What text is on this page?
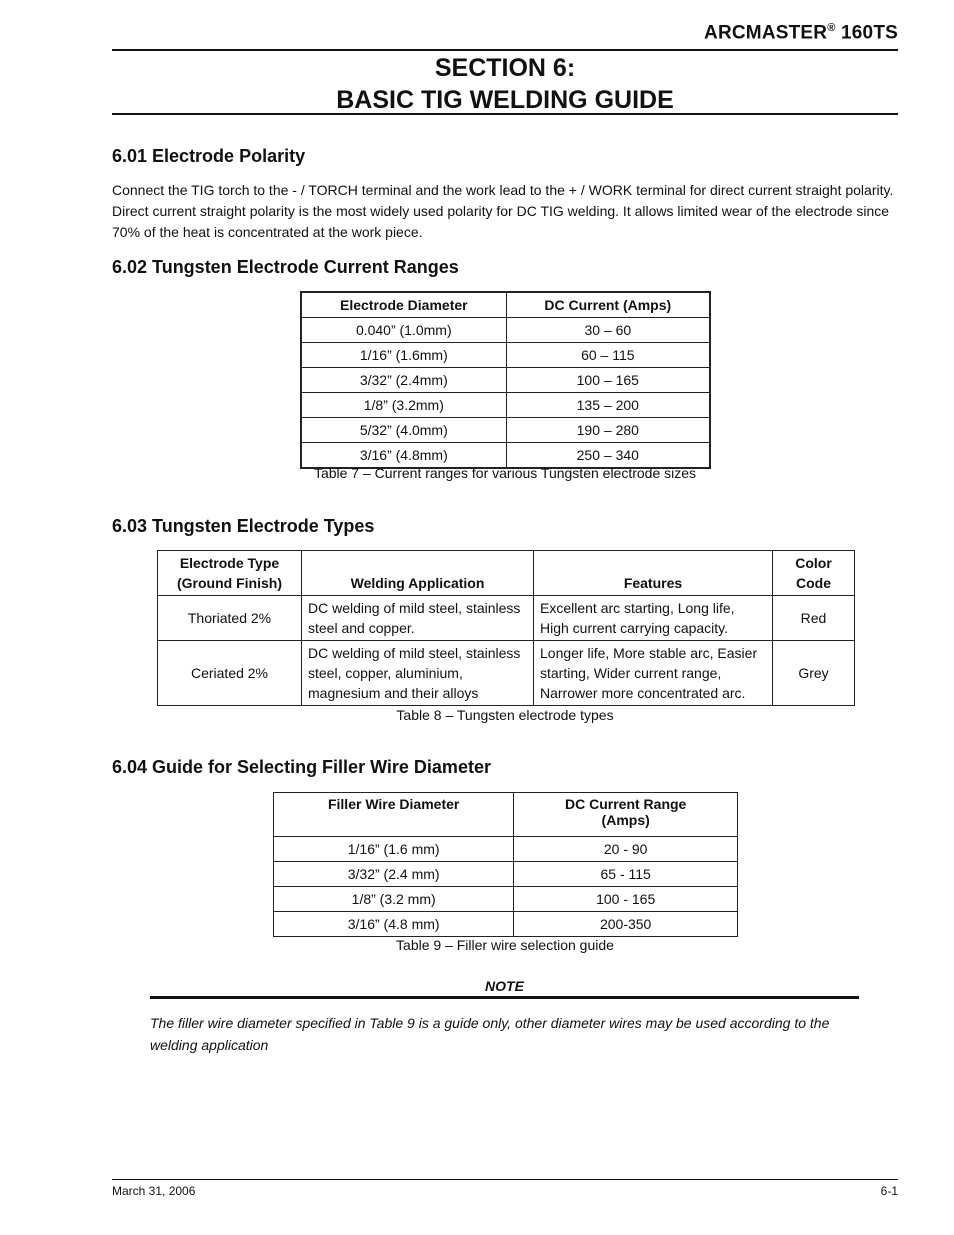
ARCMASTER® 160TS
SECTION 6:
BASIC TIG WELDING GUIDE
6.01 Electrode Polarity
Connect the TIG torch to the - / TORCH terminal and the work lead to the + / WORK terminal for direct current straight polarity. Direct current straight polarity is the most widely used polarity for DC TIG welding. It allows limited wear of the electrode since 70% of the heat is concentrated at the work piece.
6.02 Tungsten Electrode Current Ranges
Electrode Diameter	DC Current (Amps)
0.040” (1.0mm)	30 – 60
1/16” (1.6mm)	60 – 115
3/32” (2.4mm)	100 – 165
1/8” (3.2mm)	135 – 200
5/32” (4.0mm)	190 – 280
3/16” (4.8mm)	250 – 340
Table 7 – Current ranges for various Tungsten electrode sizes
6.03 Tungsten Electrode Types
Electrode Type
(Ground Finish)	Welding Application	Features	Color
Code
Thoriated 2%	DC welding of mild steel, stainless steel and copper.	Excellent arc starting, Long life, High current carrying capacity.	Red
Ceriated 2%	DC welding of mild steel, stainless steel, copper, aluminium, magnesium and their alloys	Longer life, More stable arc, Easier starting, Wider current range, Narrower more concentrated arc.	Grey
Table 8 – Tungsten electrode types
6.04 Guide for Selecting Filler Wire Diameter
Filler Wire Diameter	DC Current Range
(Amps)
1/16” (1.6 mm)	20 - 90
3/32” (2.4 mm)	65 - 115
1/8” (3.2 mm)	100 - 165
3/16” (4.8 mm)	200-350
Table 9 – Filler wire selection guide
NOTE
The filler wire diameter specified in Table 9 is a guide only, other diameter wires may be used according to the welding application
March 31, 2006	6-1
